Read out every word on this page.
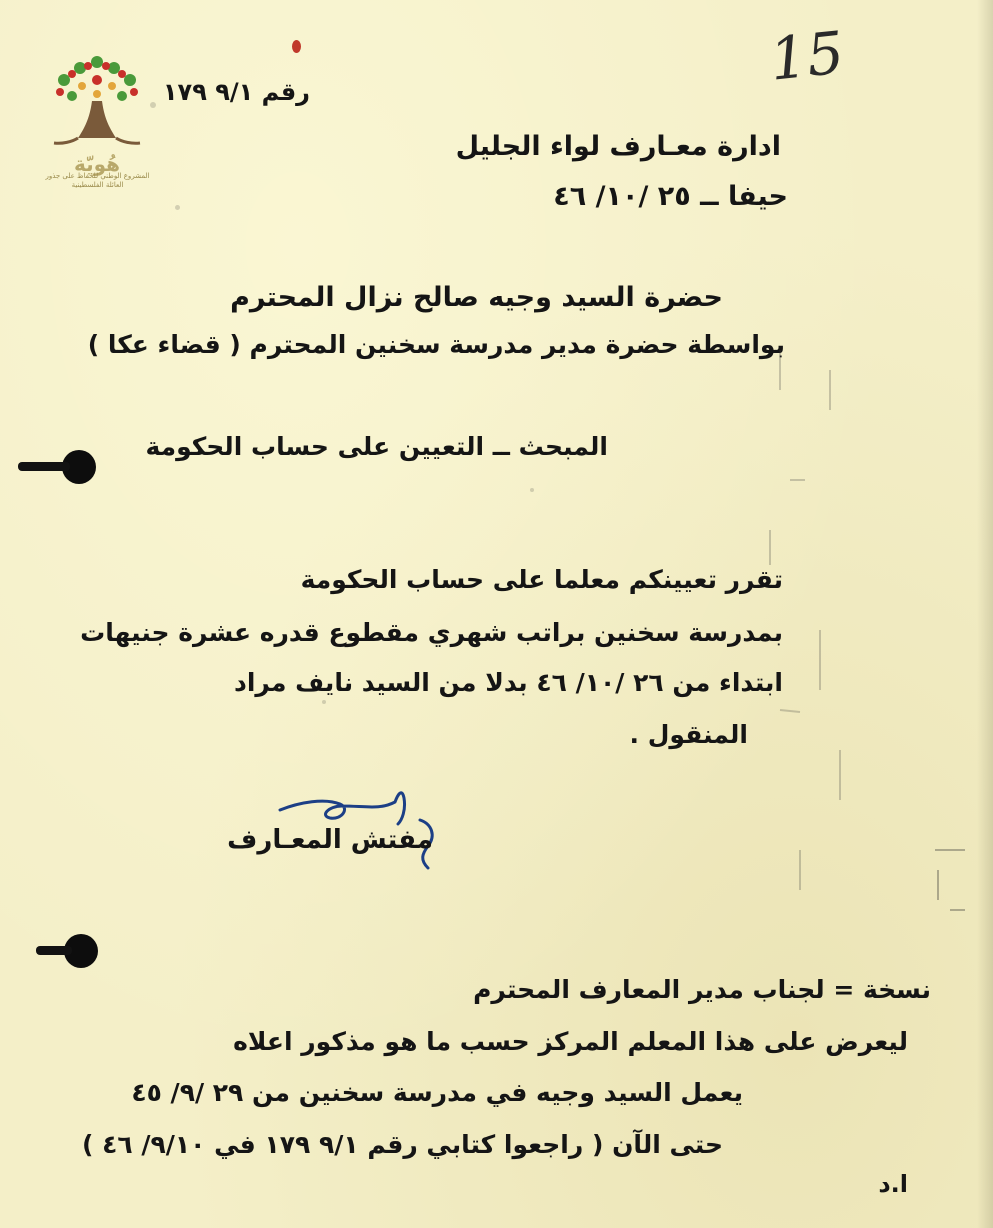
هُويّة
المشروع الوطني للحفاظ على جذور العائلة الفلسطينية
15
رقم ٩/١ ١٧٩
ادارة معـارف لواء الجليل
حيفا ــ ٢٥ /١٠/ ٤٦
حضرة السيد وجيه صالح نزال المحترم
بواسطة حضرة مدير مدرسة سخنين المحترم ( قضاء عكا )
المبحث ــ التعيين على حساب الحكومة
تقرر تعيينكم معلما على حساب الحكومة
بمدرسة سخنين براتب شهري مقطوع قدره عشرة جنيهات
ابتداء من ٢٦ /١٠/ ٤٦ بدلا من السيد نايف مراد
المنقول .
مفتش المعـارف
نسخة = لجناب مدير المعارف المحترم
ليعرض على هذا المعلم المركز حسب ما هو مذكور اعلاه
يعمل السيد وجيه في مدرسة سخنين من ٢٩ /٩/ ٤٥
حتى الآن ( راجعوا كتابي رقم ٩/١ ١٧٩ في ٩/١٠/ ٤٦ )
ا.د
